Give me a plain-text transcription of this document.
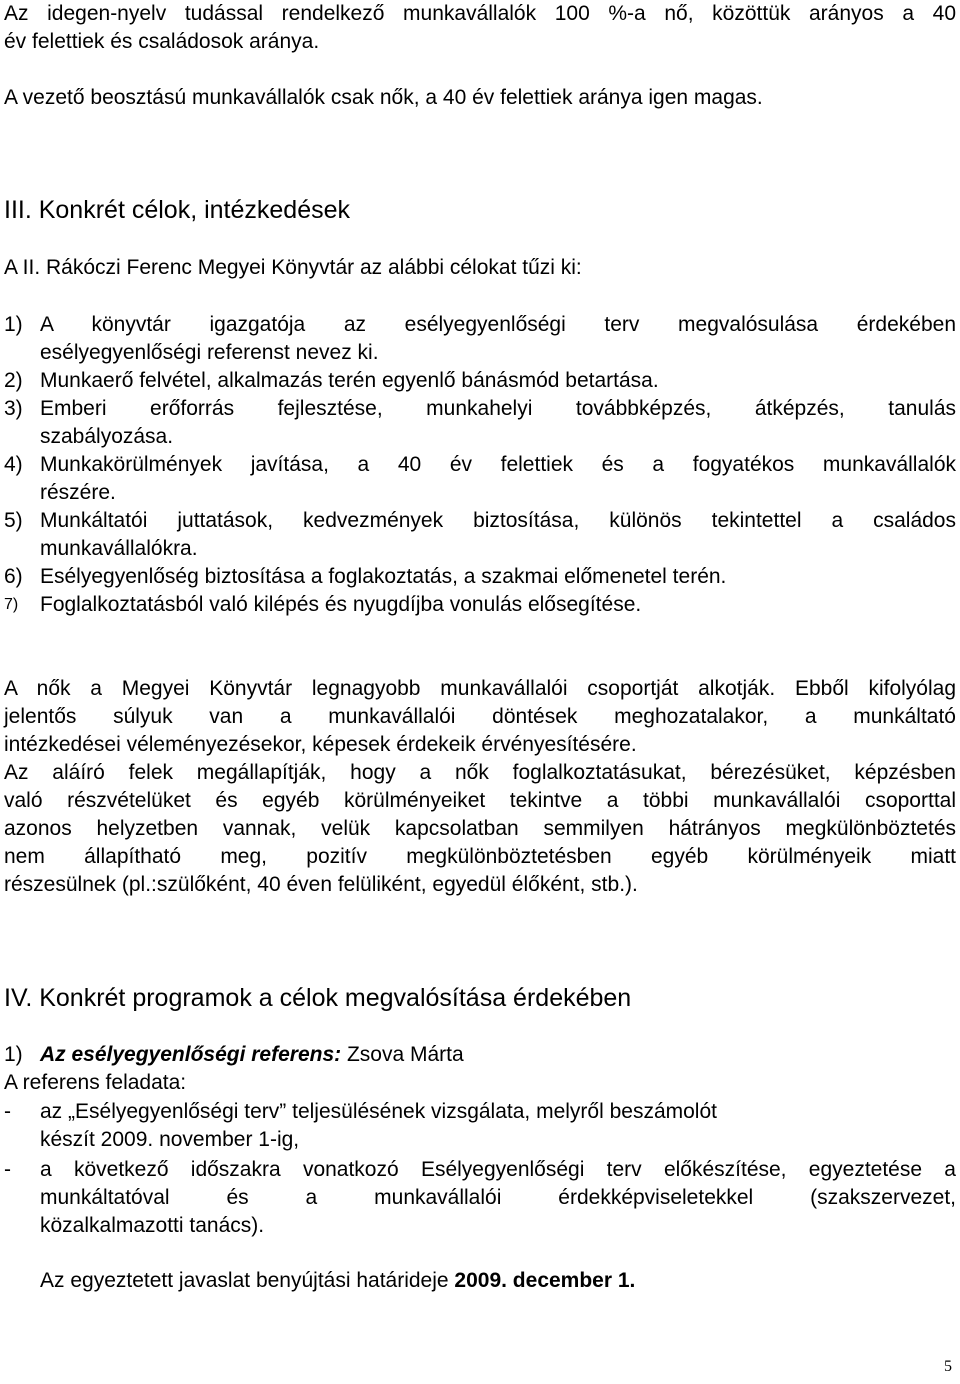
Az idegen-nyelv tudással rendelkező munkavállalók 100 %-a nő, közöttük arányos a 40

év felettiek és családosok aránya.

A vezető beosztású munkavállalók csak nők, a 40 év felettiek aránya igen magas.

III. Konkrét célok, intézkedések

A II. Rákóczi Ferenc Megyei Könyvtár az alábbi célokat tűzi ki:

1) A könyvtár igazgatója az esélyegyenlőségi terv megvalósulása érdekében

esélyegyenlőségi referenst nevez ki.

2) Munkaerő felvétel, alkalmazás terén egyenlő bánásmód betartása.

3) Emberi erőforrás fejlesztése, munkahelyi továbbképzés, átképzés, tanulás

szabályozása.

4) Munkakörülmények javítása, a 40 év felettiek és a fogyatékos munkavállalók

részére.

5) Munkáltatói juttatások, kedvezmények biztosítása, különös tekintettel a családos

munkavállalókra.

6) Esélyegyenlőség biztosítása a foglakoztatás, a szakmai előmenetel terén.

7)	Foglalkoztatásból való kilépés és nyugdíjba vonulás elősegítése.

A nők a Megyei Könyvtár legnagyobb munkavállalói csoportját alkotják. Ebből kifolyólag

jelentős súlyuk van a munkavállalói döntések meghozatalakor, a munkáltató

intézkedései véleményezésekor, képesek érdekeik érvényesítésére.

Az aláíró felek megállapítják, hogy a nők foglalkoztatásukat, bérezésüket, képzésben

való részvételüket és egyéb körülményeiket tekintve a többi munkavállalói csoporttal

azonos helyzetben vannak, velük kapcsolatban semmilyen hátrányos megkülönböztetés

nem állapítható meg, pozitív megkülönböztetésben egyéb körülményeik miatt

részesülnek (pl.:szülőként, 40 éven felüliként, egyedül élőként, stb.).

IV. Konkrét programok a célok megvalósítása érdekében

1) Az esélyegyenlőségi referens: Zsova Márta

A referens feladata:

-	az „Esélyegyenlőségi terv” teljesülésének vizsgálata, melyről beszámolót

készít 2009. november 1-ig,

-	a következő időszakra vonatkozó Esélyegyenlőségi terv előkészítése, egyeztetése a

munkáltatóval és a munkavállalói érdekképviseletekkel (szakszervezet,

közalkalmazotti tanács).

Az egyeztetett javaslat benyújtási határideje 2009. december 1.

5
